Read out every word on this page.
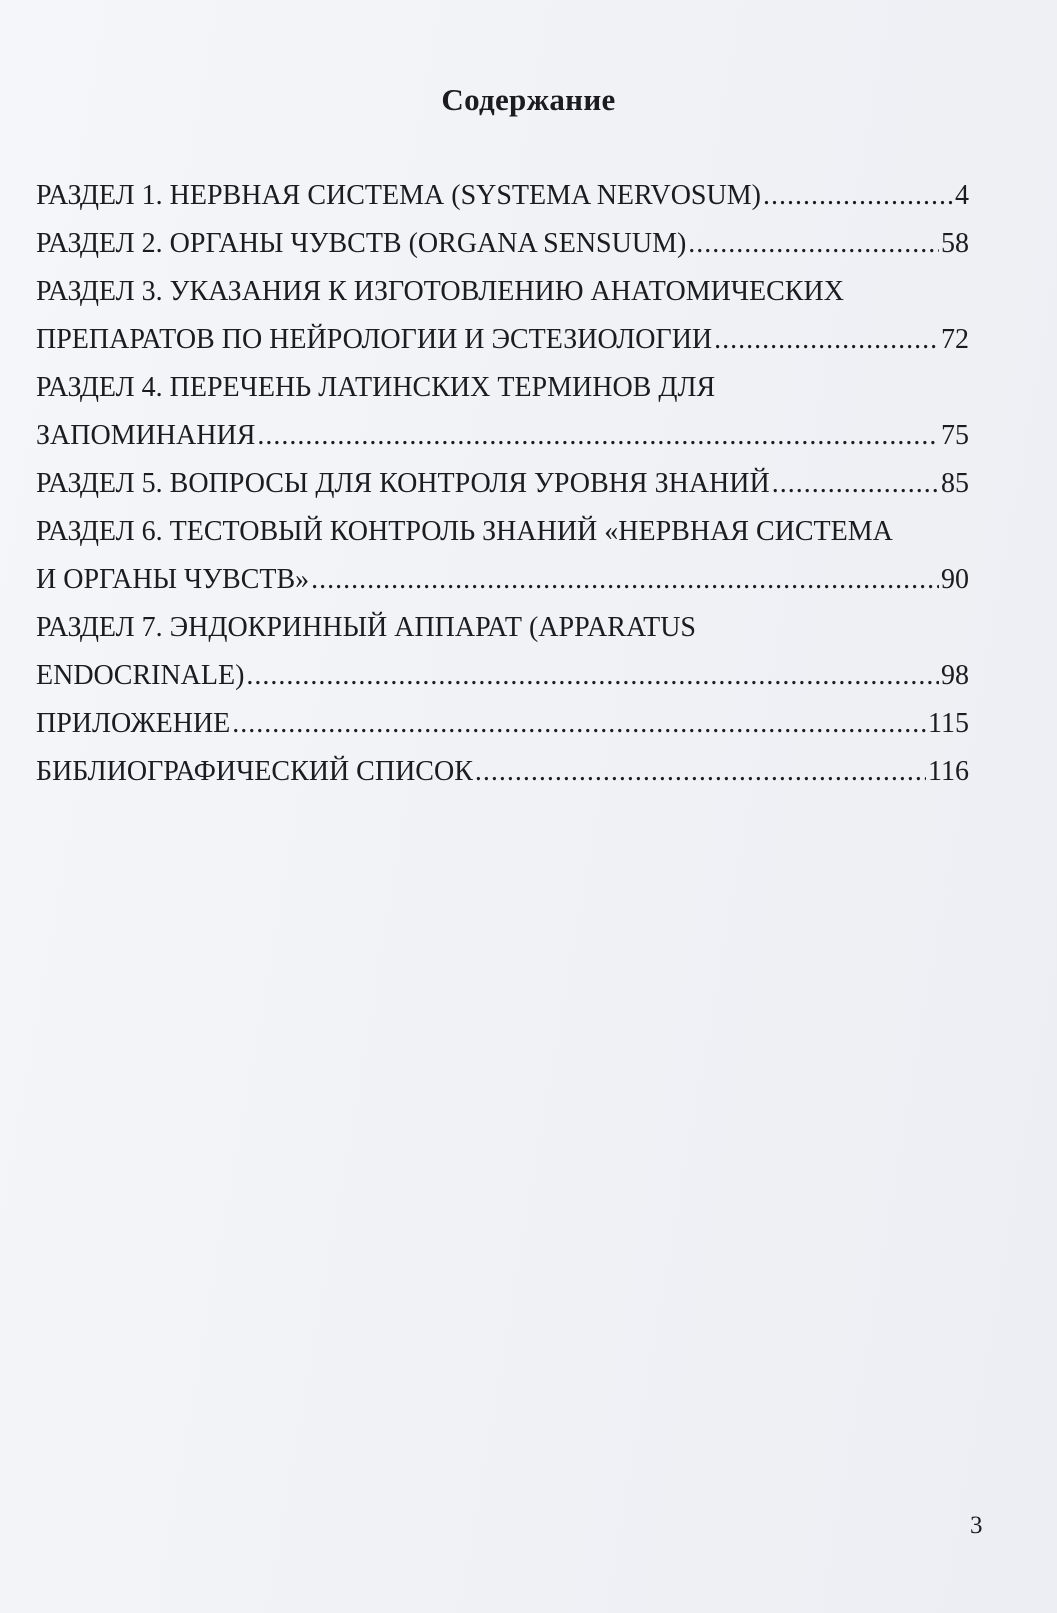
Содержание
РАЗДЕЛ 1. НЕРВНАЯ СИСТЕМА (SYSTEMA NERVOSUM) .....	4
РАЗДЕЛ 2. ОРГАНЫ ЧУВСТВ (ORGANA SENSUUM) .....	58
РАЗДЕЛ 3. УКАЗАНИЯ К ИЗГОТОВЛЕНИЮ АНАТОМИЧЕСКИХ
ПРЕПАРАТОВ ПО НЕЙРОЛОГИИ И ЭСТЕЗИОЛОГИИ .....	72
РАЗДЕЛ 4. ПЕРЕЧЕНЬ ЛАТИНСКИХ ТЕРМИНОВ ДЛЯ
ЗАПОМИНАНИЯ .....	75
РАЗДЕЛ 5. ВОПРОСЫ ДЛЯ КОНТРОЛЯ УРОВНЯ ЗНАНИЙ .....	85
РАЗДЕЛ 6. ТЕСТОВЫЙ КОНТРОЛЬ ЗНАНИЙ «НЕРВНАЯ СИСТЕМА
И ОРГАНЫ ЧУВСТВ» .....	90
РАЗДЕЛ 7. ЭНДОКРИННЫЙ АППАРАТ (APPARATUS
ENDOCRINALE) .....	98
ПРИЛОЖЕНИЕ .....	115
БИБЛИОГРАФИЧЕСКИЙ СПИСОК .....	116
3
